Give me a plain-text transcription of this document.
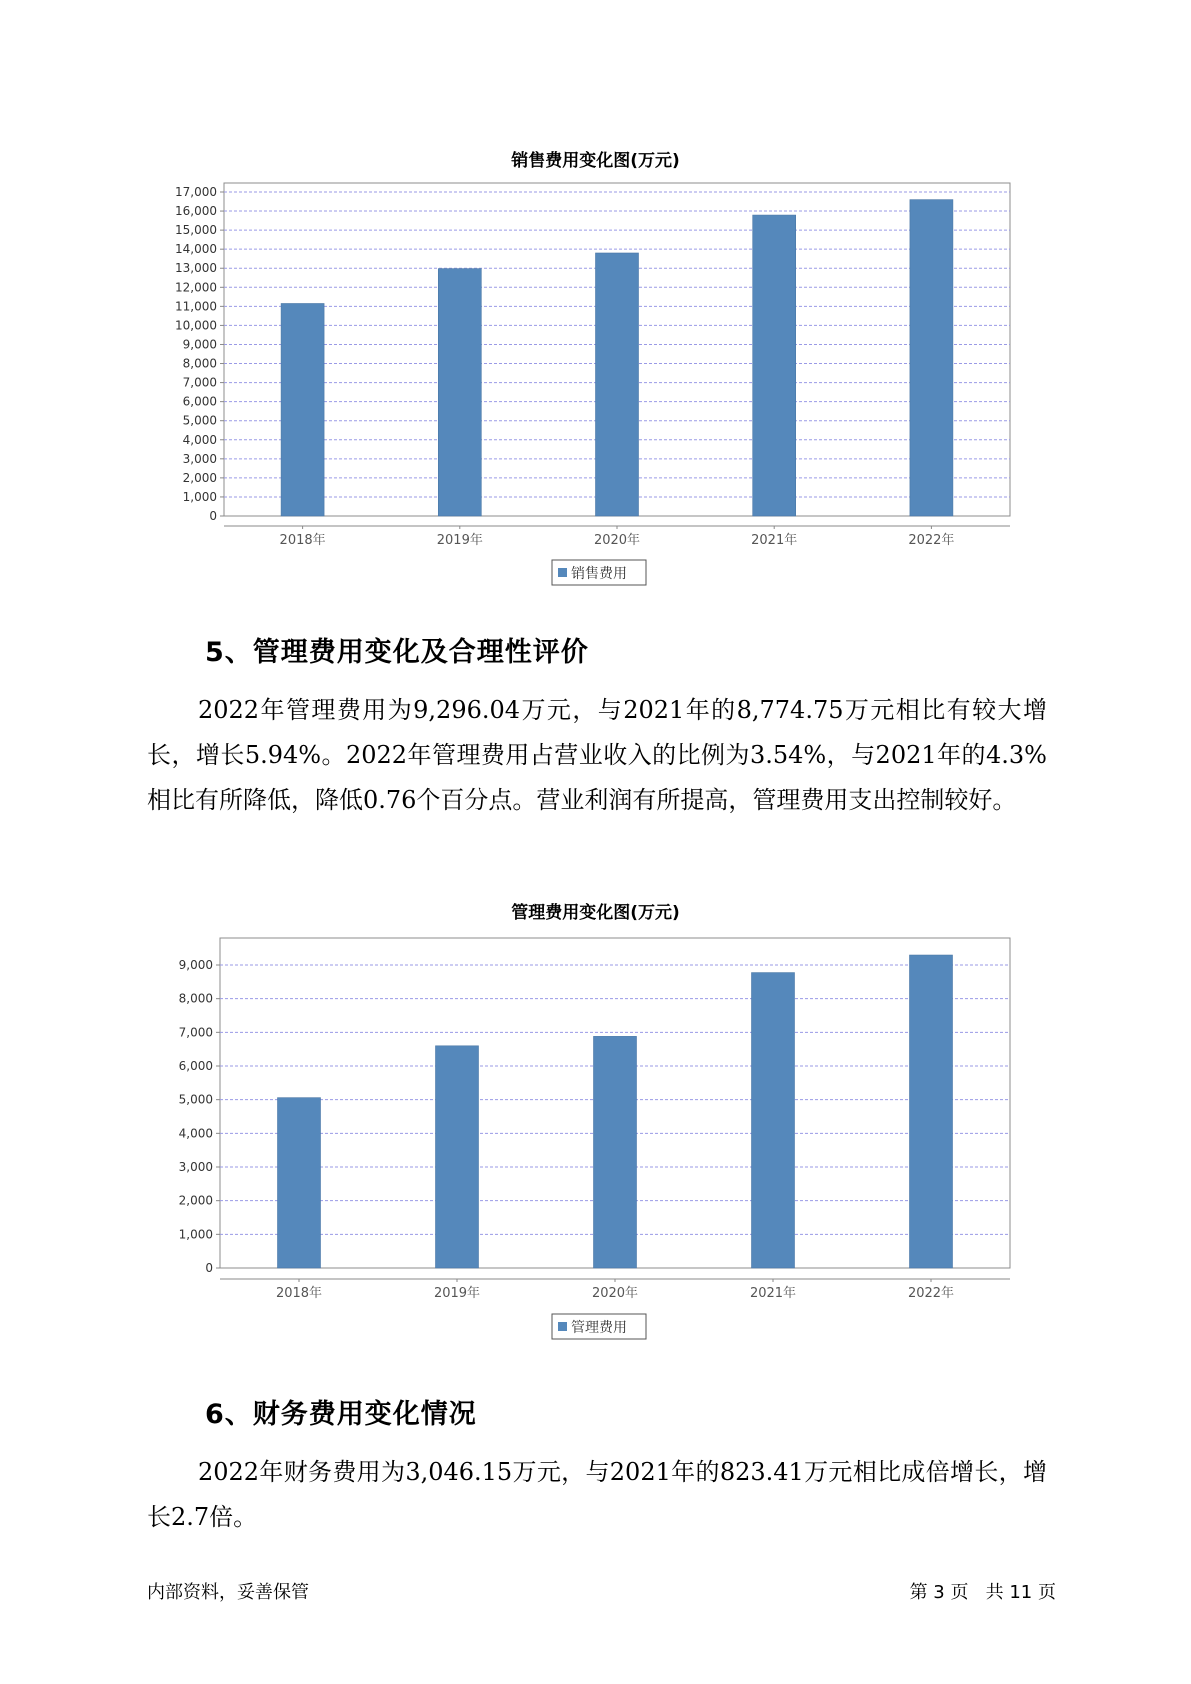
销售费用变化图(万元)
0
1,000
2,000
3,000
4,000
5,000
6,000
7,000
8,000
9,000
10,000
11,000
12,000
13,000
14,000
15,000
16,000
17,000
2018年	2019年	2020年	2021年	2022年
销售费用
5、管理费用变化及合理性评价
2022年管理费用为9,296.04万元，与2021年的8,774.75万元相比有较大增长，增长5.94%。2022年管理费用占营业收入的比例为3.54%，与2021年的4.3%相比有所降低，降低0.76个百分点。营业利润有所提高，管理费用支出控制较好。
管理费用变化图(万元)
0
1,000
2,000
3,000
4,000
5,000
6,000
7,000
8,000
9,000
2018年	2019年	2020年	2021年	2022年
管理费用
6、财务费用变化情况
2022年财务费用为3,046.15万元，与2021年的823.41万元相比成倍增长，增长2.7倍。
内部资料，妥善保管	第 3 页   共 11 页
